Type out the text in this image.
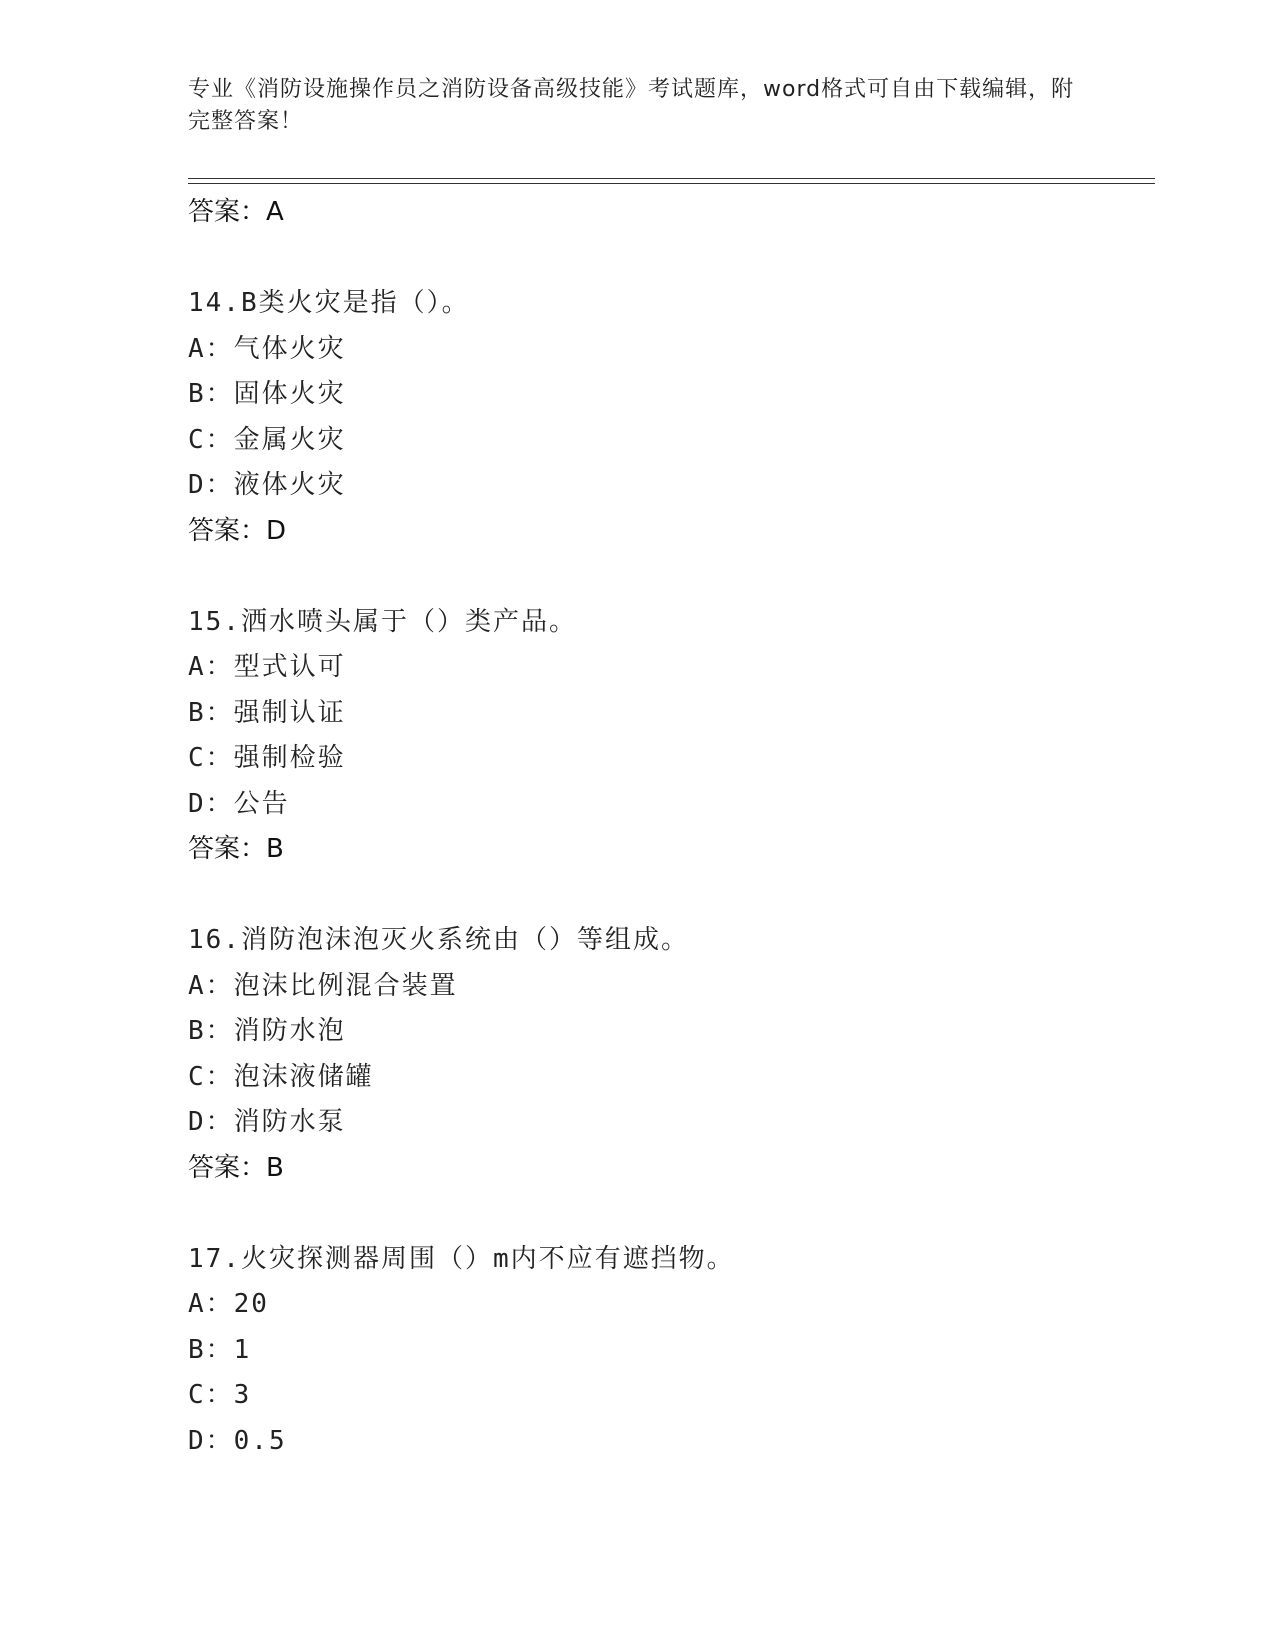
专业《消防设施操作员之消防设备高级技能》考试题库，word格式可自由下载编辑，附完整答案！
答案：A
14.B类火灾是指（）。
A：气体火灾
B：固体火灾
C：金属火灾
D：液体火灾
答案：D
15.洒水喷头属于（）类产品。
A：型式认可
B：强制认证
C：强制检验
D：公告
答案：B
16.消防泡沫泡灭火系统由（）等组成。
A：泡沫比例混合装置
B：消防水泡
C：泡沫液储罐
D：消防水泵
答案：B
17.火灾探测器周围（）m内不应有遮挡物。
A：20
B：1
C：3
D：0.5
